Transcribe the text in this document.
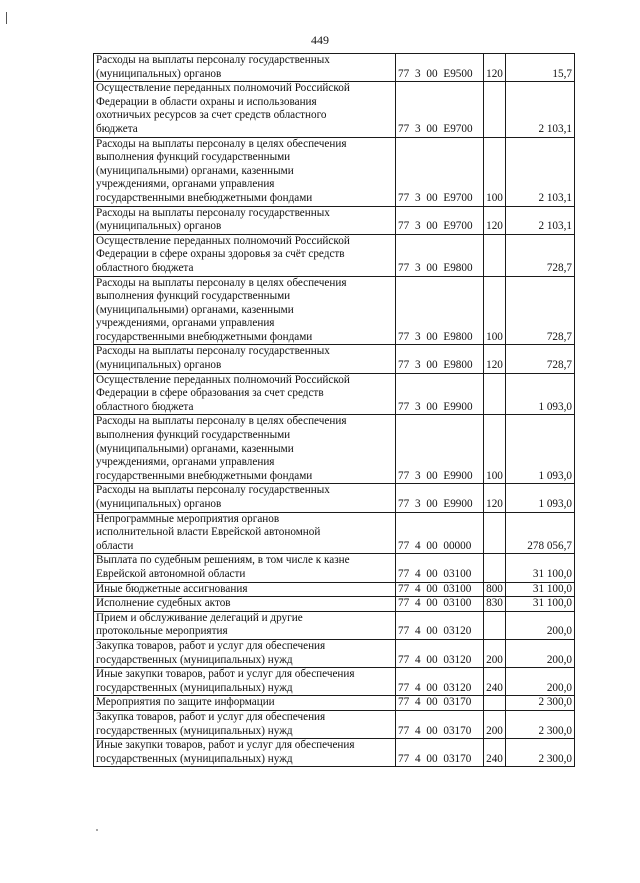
449
Расходы на выплаты персоналу государственных
(муниципальных) органов	77 3 00 Е9500	120	15,7

Осуществление переданных полномочий Российской
Федерации в области охраны и использования
охотничьих ресурсов за счет средств областного
бюджета	77 3 00 Е9700		2 103,1

Расходы на выплаты персоналу в целях обеспечения
выполнения функций государственными
(муниципальными) органами, казенными
учреждениями, органами управления
государственными внебюджетными фондами	77 3 00 Е9700	100	2 103,1

Расходы на выплаты персоналу государственных
(муниципальных) органов	77 3 00 Е9700	120	2 103,1

Осуществление переданных полномочий Российской
Федерации в сфере охраны здоровья за счёт средств
областного бюджета	77 3 00 Е9800		728,7

Расходы на выплаты персоналу в целях обеспечения
выполнения функций государственными
(муниципальными) органами, казенными
учреждениями, органами управления
государственными внебюджетными фондами	77 3 00 Е9800	100	728,7

Расходы на выплаты персоналу государственных
(муниципальных) органов	77 3 00 Е9800	120	728,7

Осуществление переданных полномочий Российской
Федерации в сфере образования за счет средств
областного бюджета	77 3 00 Е9900		1 093,0

Расходы на выплаты персоналу в целях обеспечения
выполнения функций государственными
(муниципальными) органами, казенными
учреждениями, органами управления
государственными внебюджетными фондами	77 3 00 Е9900	100	1 093,0

Расходы на выплаты персоналу государственных
(муниципальных) органов	77 3 00 Е9900	120	1 093,0

Непрограммные мероприятия органов
исполнительной власти Еврейской автономной
области	77 4 00 00000		278 056,7

Выплата по судебным решениям, в том числе к казне
Еврейской автономной области	77 4 00 03100		31 100,0

Иные бюджетные ассигнования	77 4 00 03100	800	31 100,0

Исполнение судебных актов	77 4 00 03100	830	31 100,0

Прием и обслуживание делегаций и другие
протокольные мероприятия	77 4 00 03120		200,0

Закупка товаров, работ и услуг для обеспечения
государственных (муниципальных) нужд	77 4 00 03120	200	200,0

Иные закупки товаров, работ и услуг для обеспечения
государственных (муниципальных) нужд	77 4 00 03120	240	200,0

Мероприятия по защите информации	77 4 00 03170		2 300,0

Закупка товаров, работ и услуг для обеспечения
государственных (муниципальных) нужд	77 4 00 03170	200	2 300,0

Иные закупки товаров, работ и услуг для обеспечения
государственных (муниципальных) нужд	77 4 00 03170	240	2 300,0
